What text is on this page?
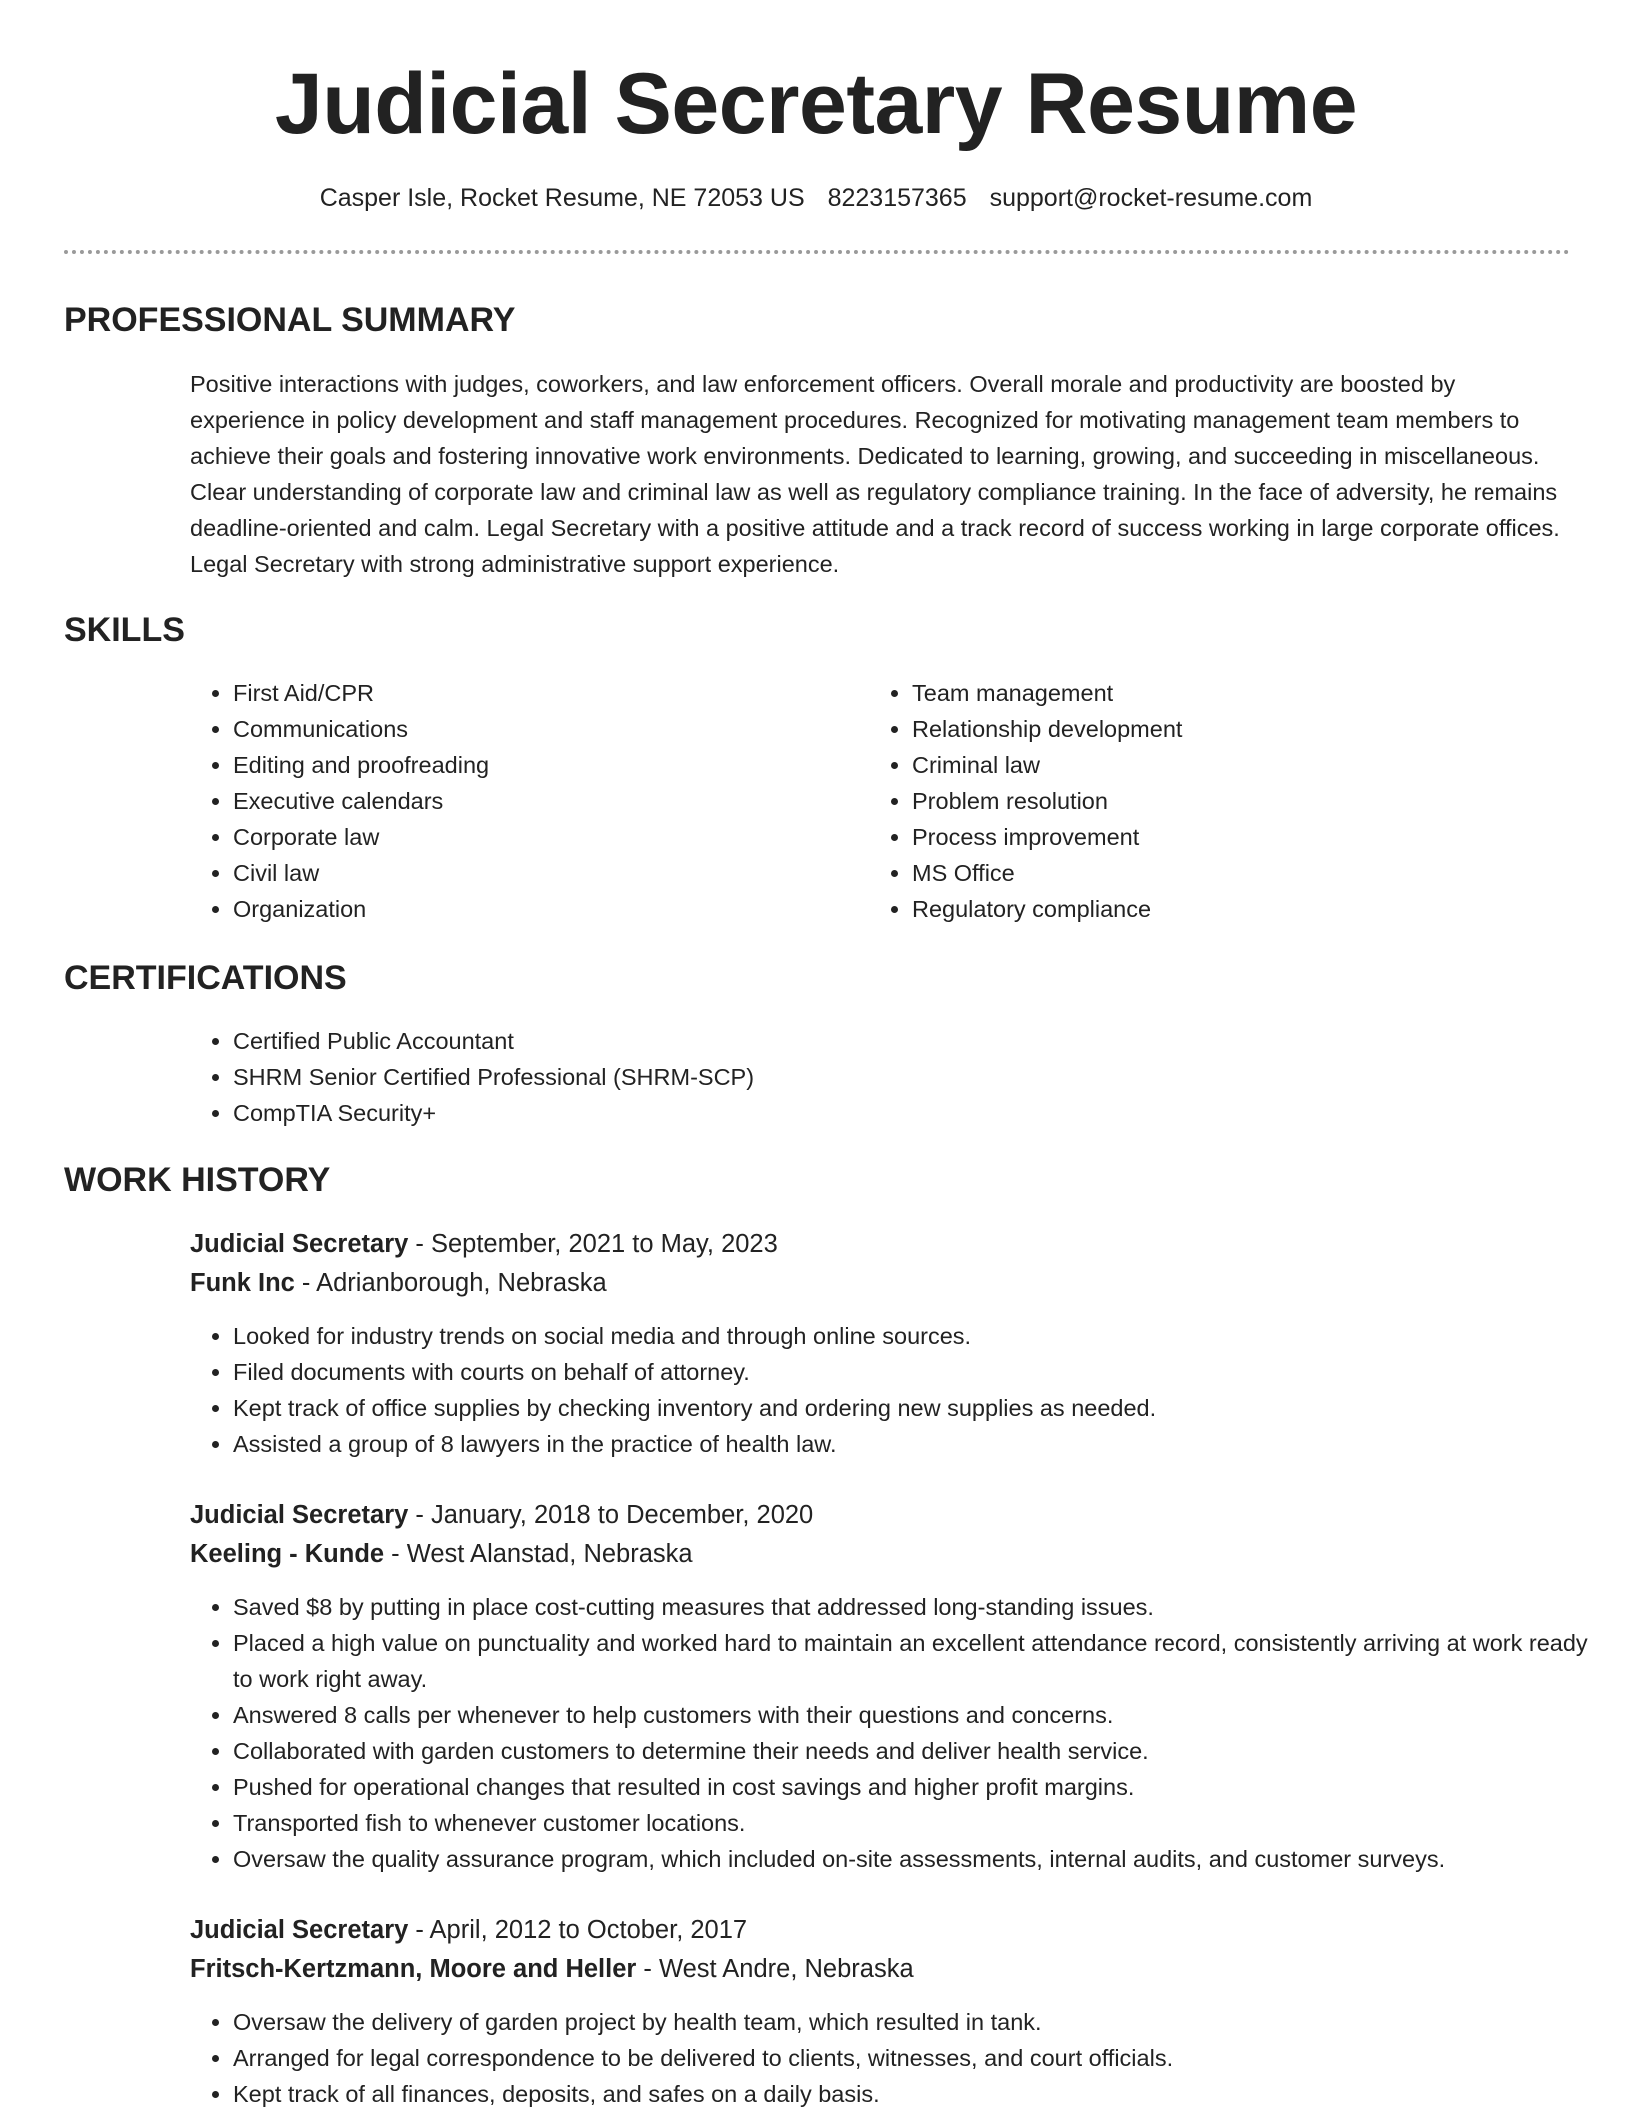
Judicial Secretary Resume
Casper Isle, Rocket Resume, NE 72053 US 8223157365 support@rocket-resume.com
PROFESSIONAL SUMMARY

Positive interactions with judges, coworkers, and law enforcement officers. Overall morale and productivity are boosted by experience in policy development and staff management procedures. Recognized for motivating management team members to achieve their goals and fostering innovative work environments. Dedicated to learning, growing, and succeeding in miscellaneous. Clear understanding of corporate law and criminal law as well as regulatory compliance training. In the face of adversity, he remains deadline-oriented and calm. Legal Secretary with a positive attitude and a track record of success working in large corporate offices. Legal Secretary with strong administrative support experience.

SKILLS
• First Aid/CPR
• Communications
• Editing and proofreading
• Executive calendars
• Corporate law
• Civil law
• Organization
• Team management
• Relationship development
• Criminal law
• Problem resolution
• Process improvement
• MS Office
• Regulatory compliance
CERTIFICATIONS
• Certified Public Accountant
• SHRM Senior Certified Professional (SHRM-SCP)
• CompTIA Security+
WORK HISTORY
Judicial Secretary - September, 2021 to May, 2023
Funk Inc - Adrianborough, Nebraska
• Looked for industry trends on social media and through online sources.
• Filed documents with courts on behalf of attorney.
• Kept track of office supplies by checking inventory and ordering new supplies as needed.
• Assisted a group of 8 lawyers in the practice of health law.
Judicial Secretary - January, 2018 to December, 2020
Keeling - Kunde - West Alanstad, Nebraska
• Saved $8 by putting in place cost-cutting measures that addressed long-standing issues.
• Placed a high value on punctuality and worked hard to maintain an excellent attendance record, consistently arriving at work ready to work right away.
• Answered 8 calls per whenever to help customers with their questions and concerns.
• Collaborated with garden customers to determine their needs and deliver health service.
• Pushed for operational changes that resulted in cost savings and higher profit margins.
• Transported fish to whenever customer locations.
• Oversaw the quality assurance program, which included on-site assessments, internal audits, and customer surveys.
Judicial Secretary - April, 2012 to October, 2017
Fritsch-Kertzmann, Moore and Heller - West Andre, Nebraska
• Oversaw the delivery of garden project by health team, which resulted in tank.
• Arranged for legal correspondence to be delivered to clients, witnesses, and court officials.
• Kept track of all finances, deposits, and safes on a daily basis.
